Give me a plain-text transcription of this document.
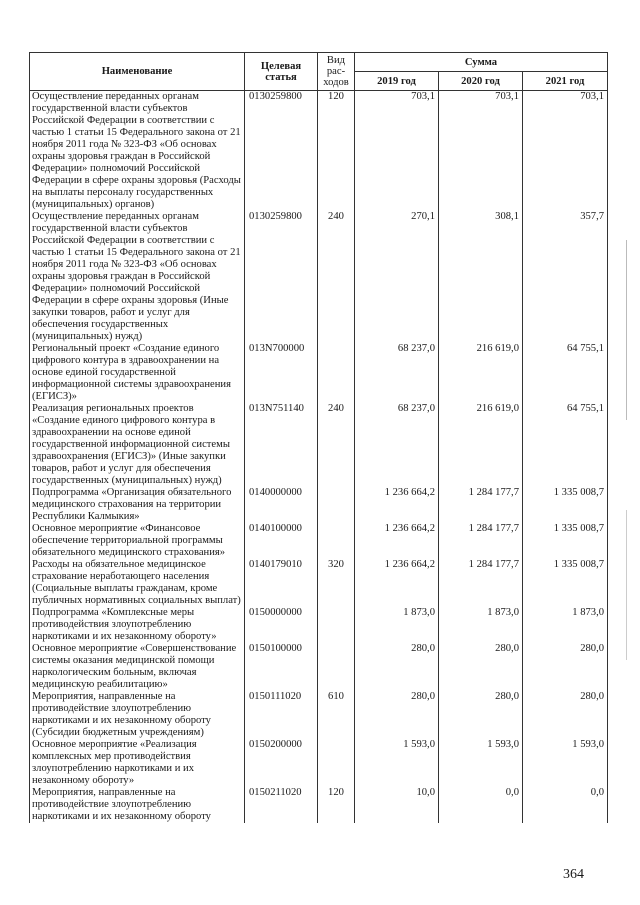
Наименование	Целевая статья	Вид рас-ходов	Сумма		
			2019 год	2020 год	2021 год
Осуществление переданных органам государственной власти субъектов Российской Федерации в соответствии с частью 1 статьи 15 Федерального закона от 21 ноября 2011 года № 323-ФЗ «Об основах охраны здоровья граждан в Российской Федерации» полномочий Российской Федерации в сфере охраны здоровья (Расходы на выплаты персоналу государственных (муниципальных) органов)	0130259800	120	703,1	703,1	703,1
Осуществление переданных органам государственной власти субъектов Российской Федерации в соответствии с частью 1 статьи 15 Федерального закона от 21 ноября 2011 года № 323-ФЗ «Об основах охраны здоровья граждан в Российской Федерации» полномочий Российской Федерации в сфере охраны здоровья (Иные закупки товаров, работ и услуг для обеспечения государственных (муниципальных) нужд)	0130259800	240	270,1	308,1	357,7
Региональный проект «Создание единого цифрового контура в здравоохранении на основе единой государственной информационной системы здравоохранения (ЕГИСЗ)»	013N700000		68 237,0	216 619,0	64 755,1
Реализация региональных проектов «Создание единого цифрового контура в здравоохранении на основе единой государственной информационной системы здравоохранения (ЕГИСЗ)» (Иные закупки товаров, работ и услуг для обеспечения государственных (муниципальных) нужд)	013N751140	240	68 237,0	216 619,0	64 755,1
Подпрограмма «Организация обязательного медицинского страхования на территории Республики Калмыкия»	0140000000		1 236 664,2	1 284 177,7	1 335 008,7
Основное мероприятие «Финансовое обеспечение территориальной программы обязательного медицинского страхования»	0140100000		1 236 664,2	1 284 177,7	1 335 008,7
Расходы на обязательное медицинское страхование неработающего населения (Социальные выплаты гражданам, кроме публичных нормативных социальных выплат)	0140179010	320	1 236 664,2	1 284 177,7	1 335 008,7
Подпрограмма «Комплексные меры противодействия злоупотреблению наркотиками и их незаконному обороту»	0150000000		1 873,0	1 873,0	1 873,0
Основное мероприятие «Совершенствование системы оказания медицинской помощи наркологическим больным, включая медицинскую реабилитацию»	0150100000		280,0	280,0	280,0
Мероприятия, направленные на противодействие злоупотреблению наркотиками и их незаконному обороту (Субсидии бюджетным учреждениям)	0150111020	610	280,0	280,0	280,0
Основное мероприятие «Реализация комплексных мер противодействия злоупотреблению наркотиками и их незаконному обороту»	0150200000		1 593,0	1 593,0	1 593,0
Мероприятия, направленные на противодействие злоупотреблению наркотиками и их незаконному обороту	0150211020	120	10,0	0,0	0,0
364
